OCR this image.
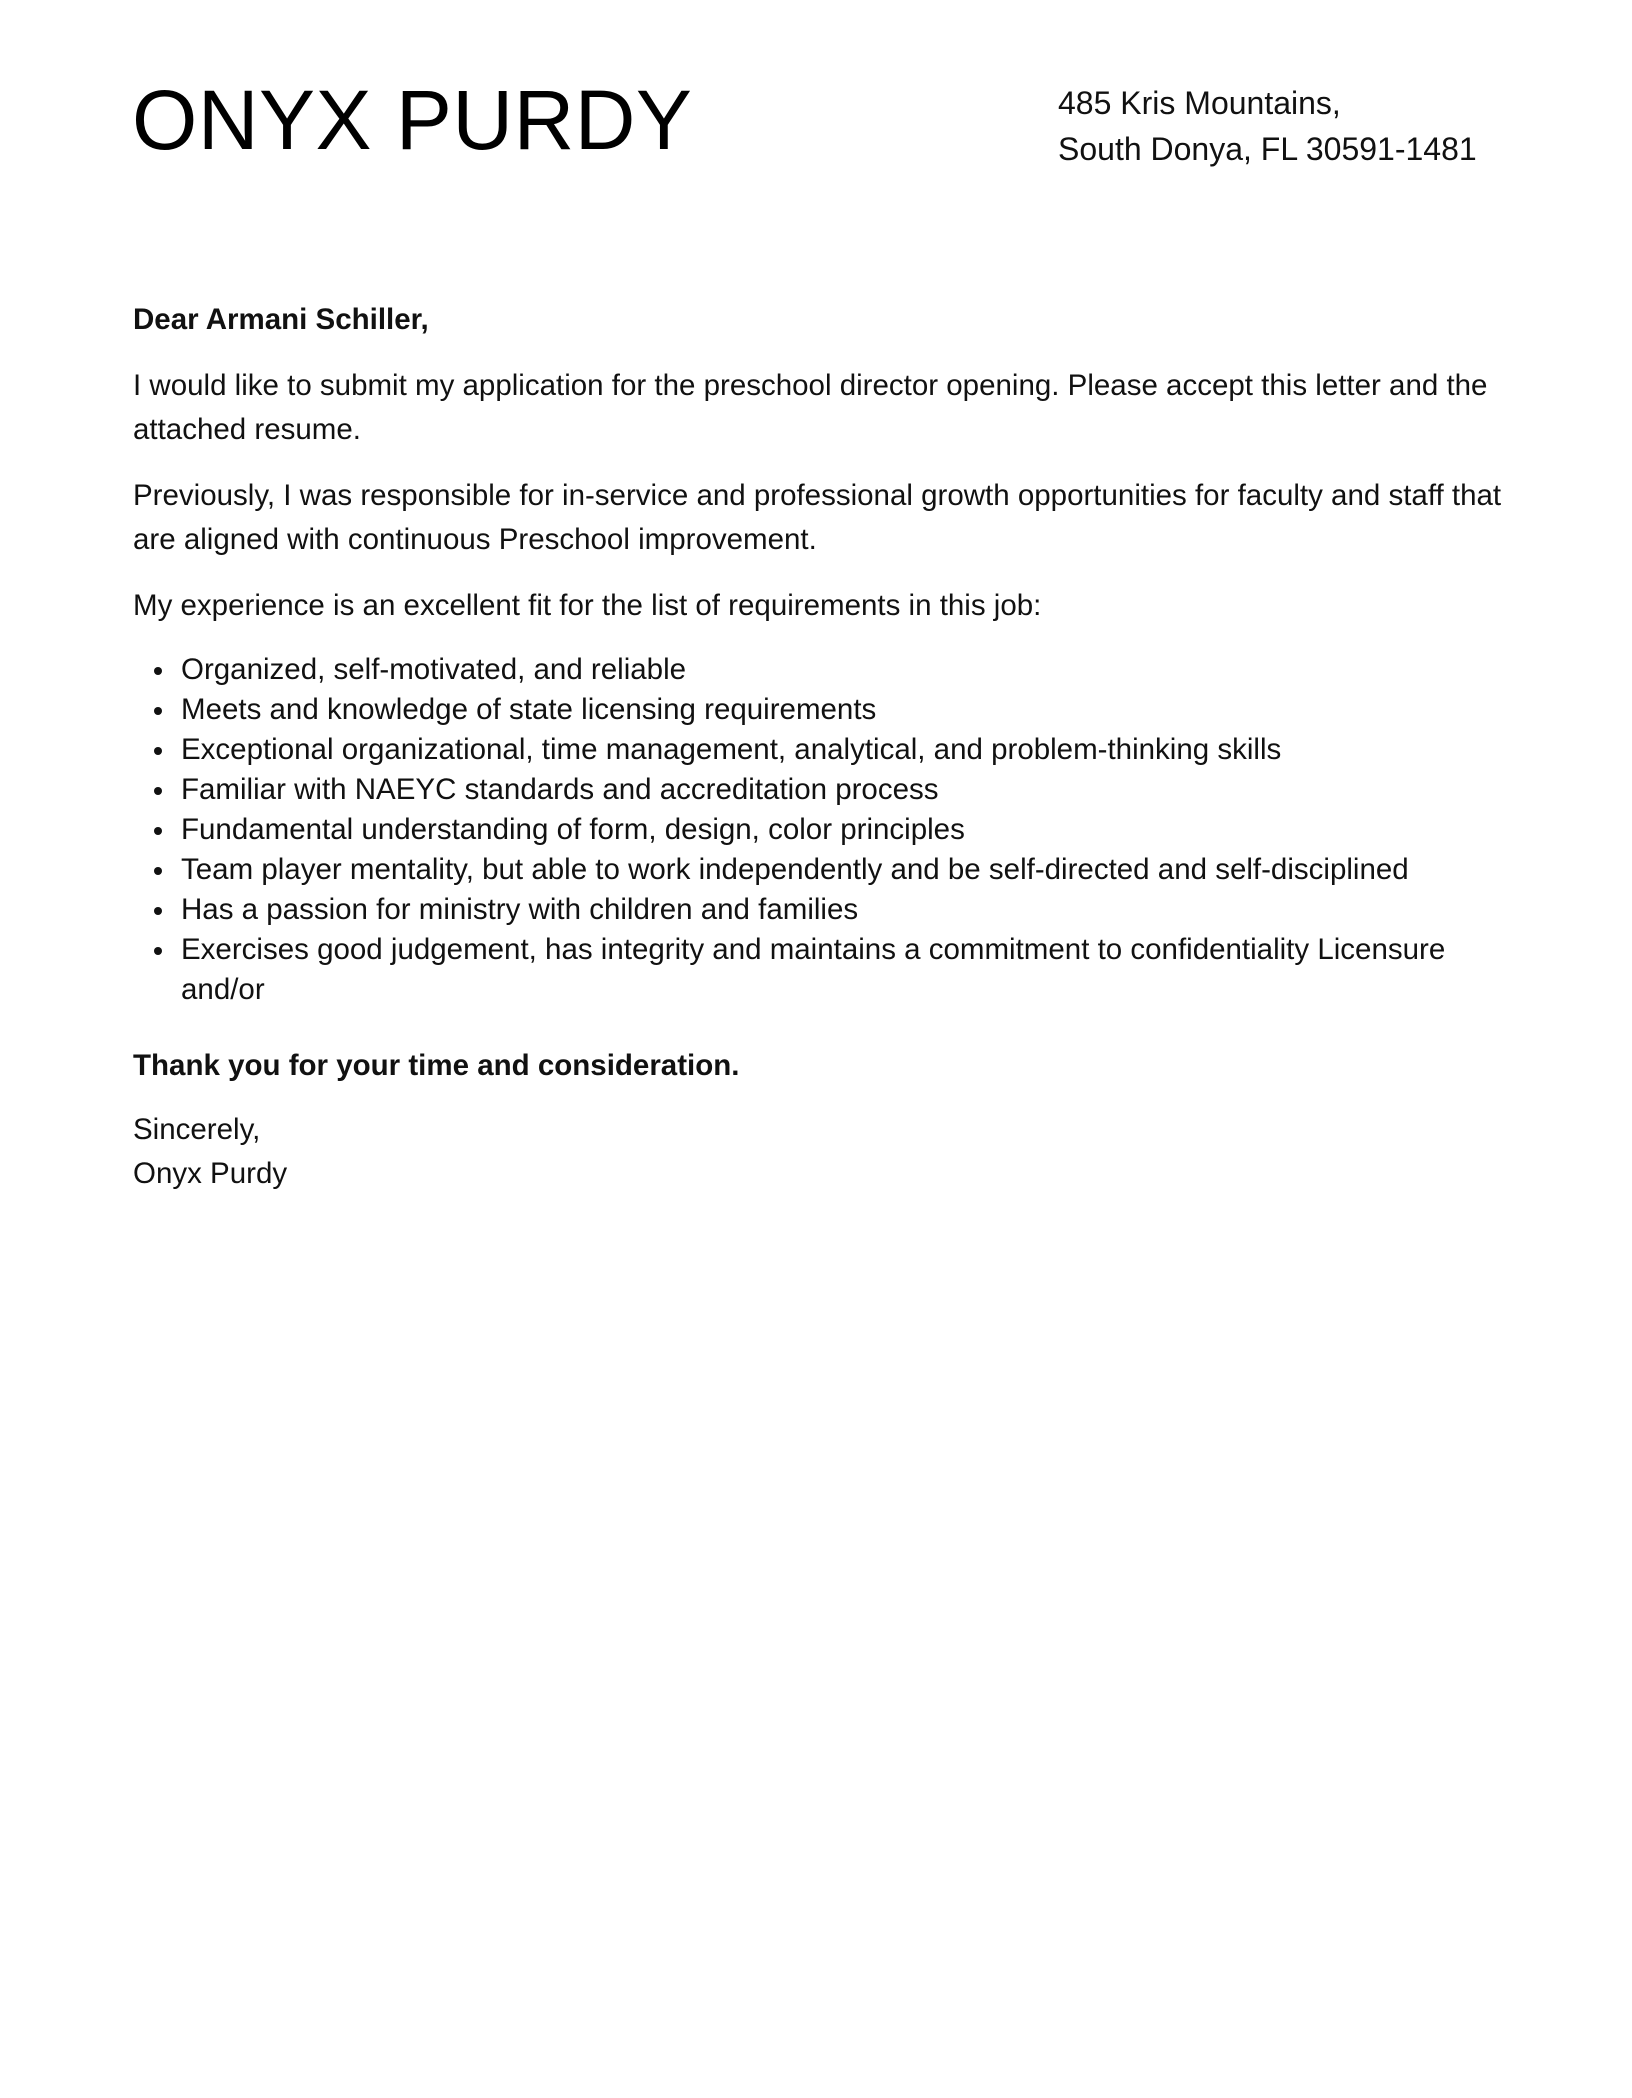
ONYX PURDY	485 Kris Mountains,
South Donya, FL 30591-1481

Dear Armani Schiller,

I would like to submit my application for the preschool director opening. Please accept this letter and the attached resume.

Previously, I was responsible for in-service and professional growth opportunities for faculty and staff that are aligned with continuous Preschool improvement.

My experience is an excellent fit for the list of requirements in this job:

Organized, self-motivated, and reliable
Meets and knowledge of state licensing requirements
Exceptional organizational, time management, analytical, and problem-thinking skills
Familiar with NAEYC standards and accreditation process
Fundamental understanding of form, design, color principles
Team player mentality, but able to work independently and be self-directed and self-disciplined
Has a passion for ministry with children and families
Exercises good judgement, has integrity and maintains a commitment to confidentiality Licensure and/or

Thank you for your time and consideration.

Sincerely,
Onyx Purdy
